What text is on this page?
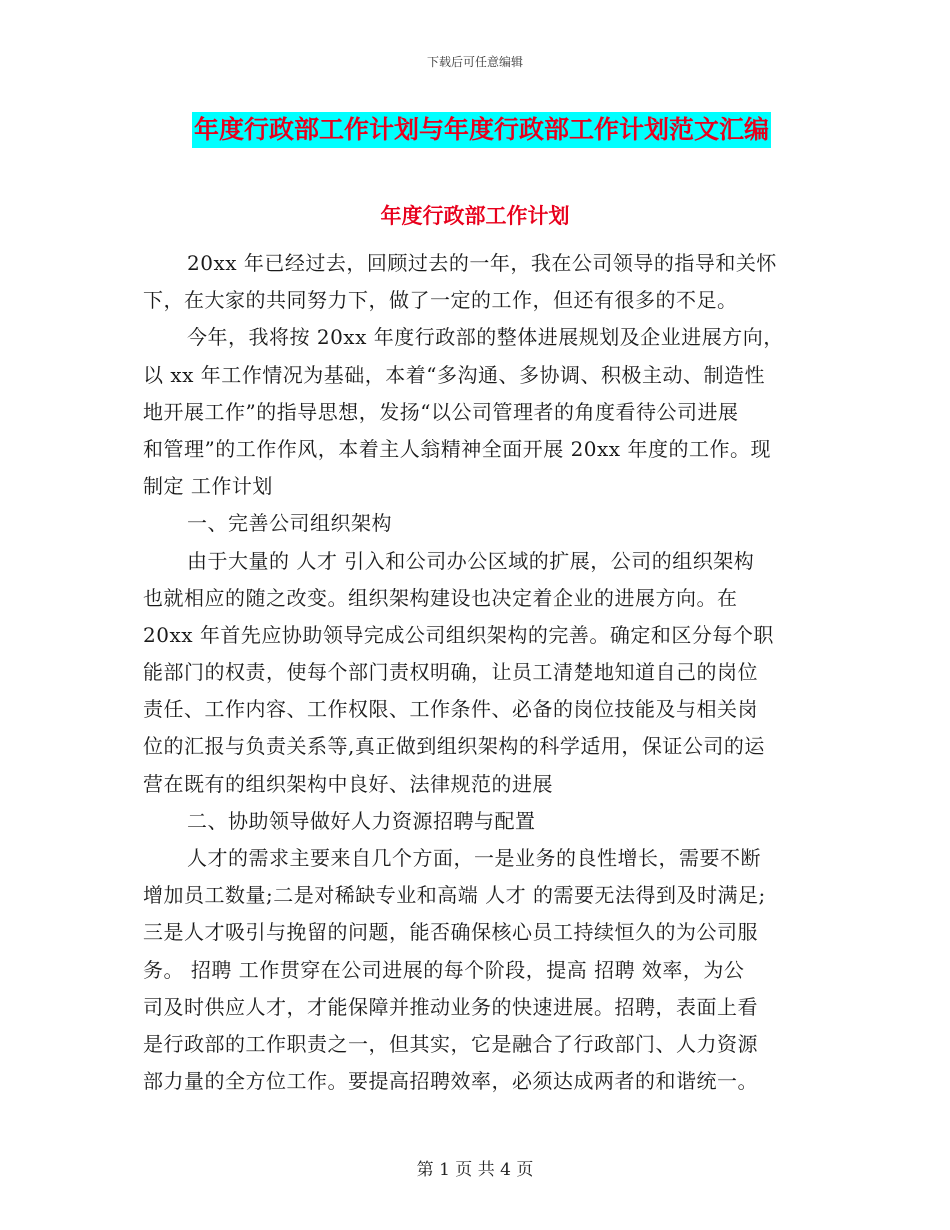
下载后可任意编辑
年度行政部工作计划与年度行政部工作计划范文汇编
年度行政部工作计划
20xx 年已经过去，回顾过去的一年，我在公司领导的指导和关怀
下，在大家的共同努力下，做了一定的工作，但还有很多的不足。
今年，我将按 20xx 年度行政部的整体进展规划及企业进展方向，
以 xx 年工作情况为基础，本着“多沟通、多协调、积极主动、制造性
地开展工作”的指导思想，发扬“以公司管理者的角度看待公司进展
和管理”的工作作风，本着主人翁精神全面开展 20xx 年度的工作。现
制定 工作计划
一、完善公司组织架构
由于大量的 人才 引入和公司办公区域的扩展，公司的组织架构
也就相应的随之改变。组织架构建设也决定着企业的进展方向。在
20xx 年首先应协助领导完成公司组织架构的完善。确定和区分每个职
能部门的权责，使每个部门责权明确，让员工清楚地知道自己的岗位
责任、工作内容、工作权限、工作条件、必备的岗位技能及与相关岗
位的汇报与负责关系等,真正做到组织架构的科学适用，保证公司的运
营在既有的组织架构中良好、法律规范的进展
二、协助领导做好人力资源招聘与配置
人才的需求主要来自几个方面，一是业务的良性增长，需要不断
增加员工数量;二是对稀缺专业和高端 人才 的需要无法得到及时满足;
三是人才吸引与挽留的问题，能否确保核心员工持续恒久的为公司服
务。 招聘 工作贯穿在公司进展的每个阶段，提高 招聘 效率，为公
司及时供应人才，才能保障并推动业务的快速进展。招聘，表面上看
是行政部的工作职责之一，但其实，它是融合了行政部门、人力资源
部力量的全方位工作。要提高招聘效率，必须达成两者的和谐统一。
第 1 页 共 4 页
